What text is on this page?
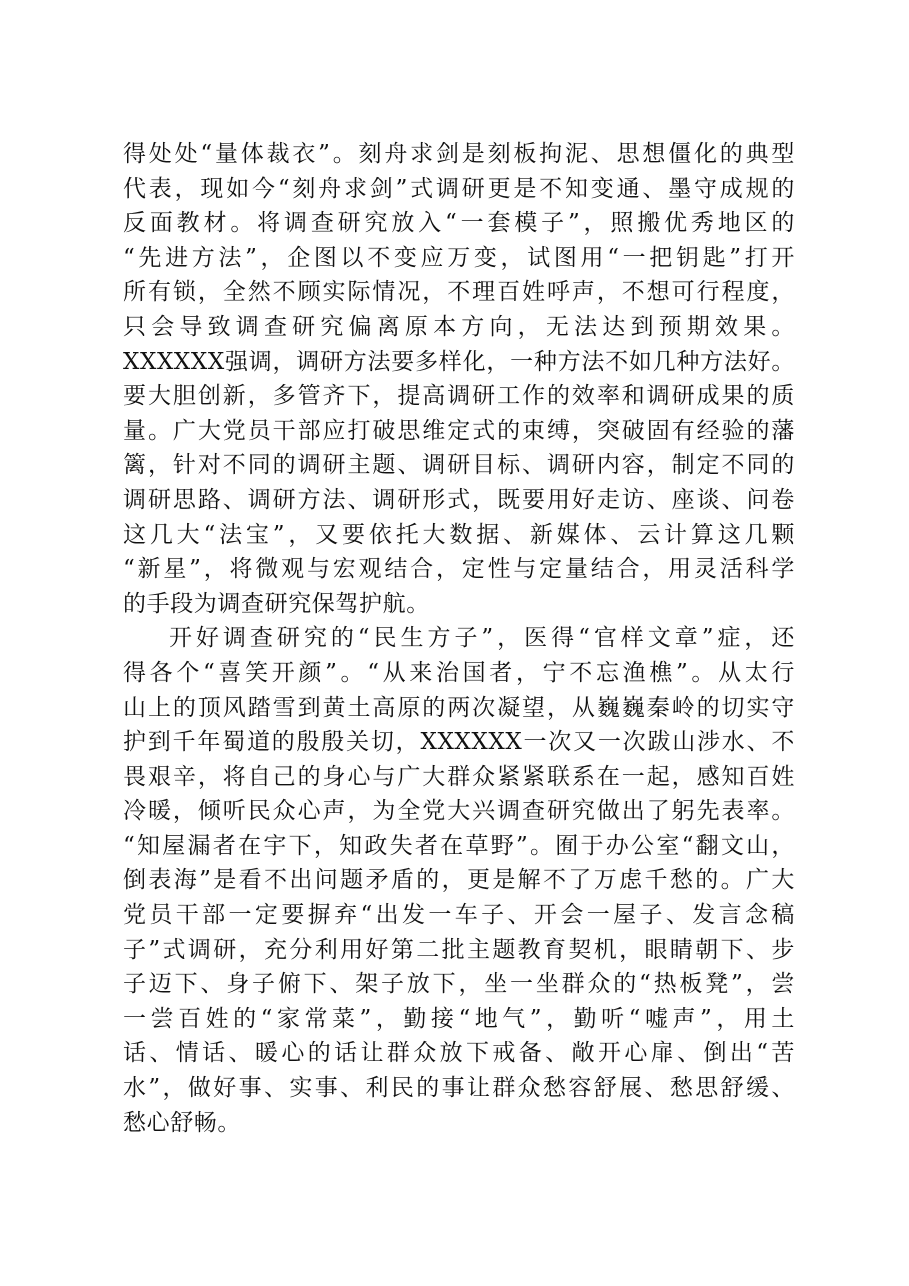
得处处“量体裁衣”。刻舟求剑是刻板拘泥、思想僵化的典型
代表，现如今“刻舟求剑”式调研更是不知变通、墨守成规的
反面教材。将调查研究放入“一套模子”，照搬优秀地区的
“先进方法”，企图以不变应万变，试图用“一把钥匙”打开
所有锁，全然不顾实际情况，不理百姓呼声，不想可行程度，
只会导致调查研究偏离原本方向，无法达到预期效果。
XXXXXX强调，调研方法要多样化，一种方法不如几种方法好。
要大胆创新，多管齐下，提高调研工作的效率和调研成果的质
量。广大党员干部应打破思维定式的束缚，突破固有经验的藩
篱，针对不同的调研主题、调研目标、调研内容，制定不同的
调研思路、调研方法、调研形式，既要用好走访、座谈、问卷
这几大“法宝”，又要依托大数据、新媒体、云计算这几颗
“新星”，将微观与宏观结合，定性与定量结合，用灵活科学
的手段为调查研究保驾护航。
开好调查研究的“民生方子”，医得“官样文章”症，还
得各个“喜笑开颜”。“从来治国者，宁不忘渔樵”。从太行
山上的顶风踏雪到黄土高原的两次凝望，从巍巍秦岭的切实守
护到千年蜀道的殷殷关切，XXXXXX一次又一次跋山涉水、不
畏艰辛，将自己的身心与广大群众紧紧联系在一起，感知百姓
冷暖，倾听民众心声，为全党大兴调查研究做出了躬先表率。
“知屋漏者在宇下，知政失者在草野”。囿于办公室“翻文山，
倒表海”是看不出问题矛盾的，更是解不了万虑千愁的。广大
党员干部一定要摒弃“出发一车子、开会一屋子、发言念稿
子”式调研，充分利用好第二批主题教育契机，眼睛朝下、步
子迈下、身子俯下、架子放下，坐一坐群众的“热板凳”，尝
一尝百姓的“家常菜”，勤接“地气”，勤听“嘘声”，用土
话、情话、暖心的话让群众放下戒备、敞开心扉、倒出“苦
水”，做好事、实事、利民的事让群众愁容舒展、愁思舒缓、
愁心舒畅。
